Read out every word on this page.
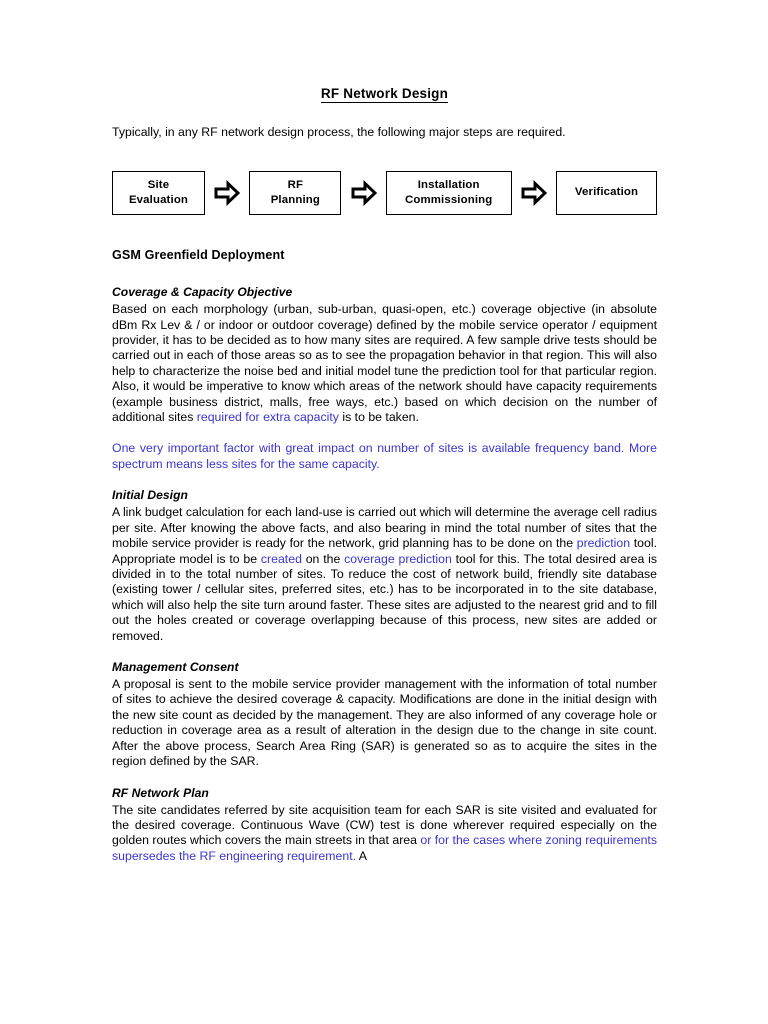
RF Network Design

Typically, in any RF network design process, the following major steps are required.

Site
Evaluation
RF
Planning
Installation
Commissioning
Verification
GSM Greenfield Deployment
Coverage & Capacity Objective

Based on each morphology (urban, sub-urban, quasi-open, etc.) coverage objective (in absolute dBm Rx Lev & / or indoor or outdoor coverage) defined by the mobile service operator / equipment provider, it has to be decided as to how many sites are required. A few sample drive tests should be carried out in each of those areas so as to see the propagation behavior in that region. This will also help to characterize the noise bed and initial model tune the prediction tool for that particular region. Also, it would be imperative to know which areas of the network should have capacity requirements (example business district, malls, free ways, etc.) based on which decision on the number of additional sites required for extra capacity is to be taken.

One very important factor with great impact on number of sites is available frequency band. More spectrum means less sites for the same capacity.

Initial Design

A link budget calculation for each land-use is carried out which will determine the average cell radius per site. After knowing the above facts, and also bearing in mind the total number of sites that the mobile service provider is ready for the network, grid planning has to be done on the prediction tool. Appropriate model is to be created on the coverage prediction tool for this. The total desired area is divided in to the total number of sites. To reduce the cost of network build, friendly site database (existing tower / cellular sites, preferred sites, etc.) has to be incorporated in to the site database, which will also help the site turn around faster. These sites are adjusted to the nearest grid and to fill out the holes created or coverage overlapping because of this process, new sites are added or removed.

Management Consent

A proposal is sent to the mobile service provider management with the information of total number of sites to achieve the desired coverage & capacity. Modifications are done in the initial design with the new site count as decided by the management. They are also informed of any coverage hole or reduction in coverage area as a result of alteration in the design due to the change in site count. After the above process, Search Area Ring (SAR) is generated so as to acquire the sites in the region defined by the SAR.

RF Network Plan

The site candidates referred by site acquisition team for each SAR is site visited and evaluated for the desired coverage. Continuous Wave (CW) test is done wherever required especially on the golden routes which covers the main streets in that area or for the cases where zoning requirements supersedes the RF engineering requirement. A
